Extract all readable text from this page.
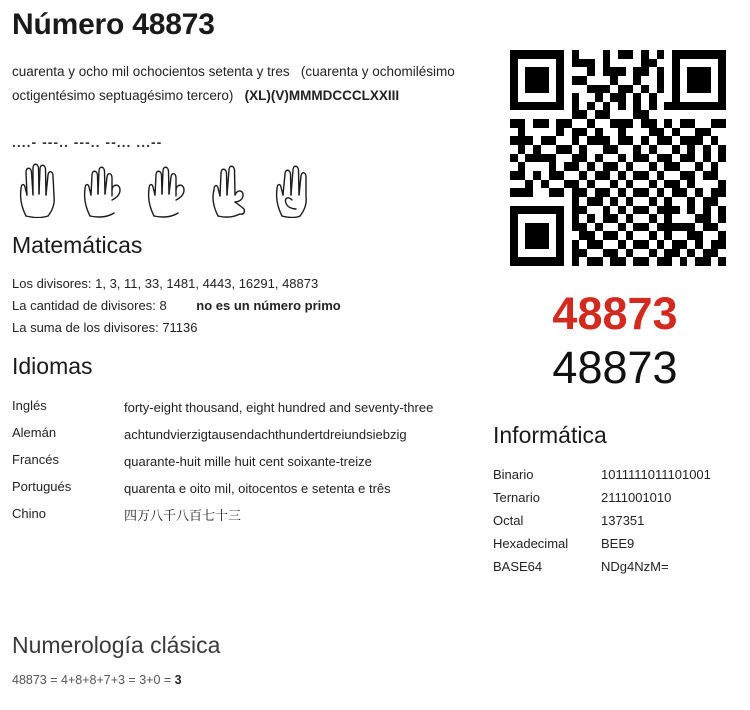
Número 48873
cuarenta y ocho mil ochocientos setenta y tres (cuarenta y ochomilésimo octigentésimo septuagésimo tercero) (XL)(V)MMMDCCCLXXIII
....- ---.. ---.. --... ...--
Matemáticas
Los divisores: 1, 3, 11, 33, 1481, 4443, 16291, 48873
La cantidad de divisores: 8 no es un número primo
La suma de los divisores: 71136
Idiomas
Inglés	forty-eight thousand, eight hundred and seventy-three
Alemán	achtundvierzigtausendachthundertdreiundsiebzig
Francés	quarante-huit mille huit cent soixante-treize
Portugués	quarenta e oito mil, oitocentos e setenta e três
Chino	四万八千八百七十三
48873
48873
Informática
Binario	1011111011101001
Ternario	2111001010
Octal	137351
Hexadecimal	BEE9
BASE64	NDg4NzM=
Numerología clásica
48873 = 4+8+8+7+3 = 3+0 = 3
